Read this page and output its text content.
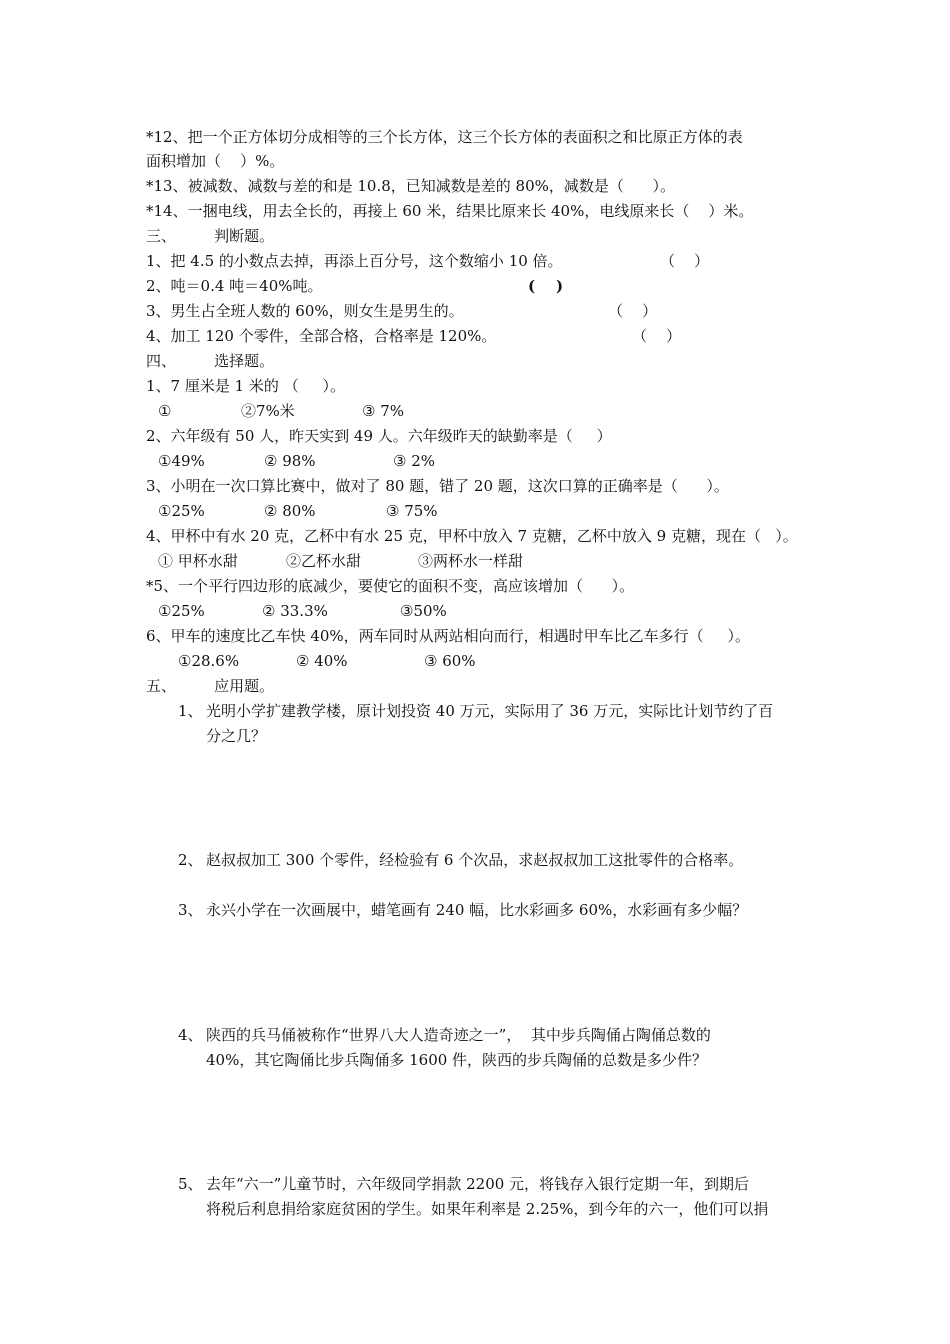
*12、把一个正方体切分成相等的三个长方体，这三个长方体的表面积之和比原正方体的表
面积增加（    ）%。
*13、被减数、减数与差的和是 10.8，已知减数是差的 80%，减数是（      ）。
*14、一捆电线，用去全长的，再接上 60 米，结果比原来长 40%，电线原来长（    ）米。
三、        判断题。
1、把 4.5 的小数点去掉，再添上百分号，这个数缩小 10 倍。	（    ）
2、吨＝0.4 吨＝40%吨。	(    )
3、男生占全班人数的 60%，则女生是男生的。	（    ）
4、加工 120 个零件，全部合格，合格率是 120%。	（    ）
四、        选择题。
1、7 厘米是 1 米的 （     ）。
①	②7%米	③ 7%
2、六年级有 50 人，昨天实到 49 人。六年级昨天的缺勤率是（     ）
①49%	② 98%	③ 2%
3、小明在一次口算比赛中，做对了 80 题，错了 20 题，这次口算的正确率是（      ）。
①25%	② 80%	③ 75%
4、甲杯中有水 20 克，乙杯中有水 25 克，甲杯中放入 7 克糖，乙杯中放入 9 克糖，现在（   ）。
① 甲杯水甜	②乙杯水甜	③两杯水一样甜
*5、一个平行四边形的底减少，要使它的面积不变，高应该增加（      ）。
①25%	② 33.3%	③50%
6、甲车的速度比乙车快 40%，两车同时从两站相向而行，相遇时甲车比乙车多行（     ）。
①28.6%	② 40%	③ 60%
五、        应用题。
1、 光明小学扩建教学楼，原计划投资 40 万元，实际用了 36 万元，实际比计划节约了百
分之几？
2、 赵叔叔加工 300 个零件，经检验有 6 个次品，求赵叔叔加工这批零件的合格率。
3、 永兴小学在一次画展中，蜡笔画有 240 幅，比水彩画多 60%，水彩画有多少幅？
4、 陕西的兵马俑被称作“世界八大人造奇迹之一”，  其中步兵陶俑占陶俑总数的
40%，其它陶俑比步兵陶俑多 1600 件，陕西的步兵陶俑的总数是多少件？
5、 去年“六一”儿童节时，六年级同学捐款 2200 元，将钱存入银行定期一年，到期后
将税后利息捐给家庭贫困的学生。如果年利率是 2.25%，到今年的六一，他们可以捐
